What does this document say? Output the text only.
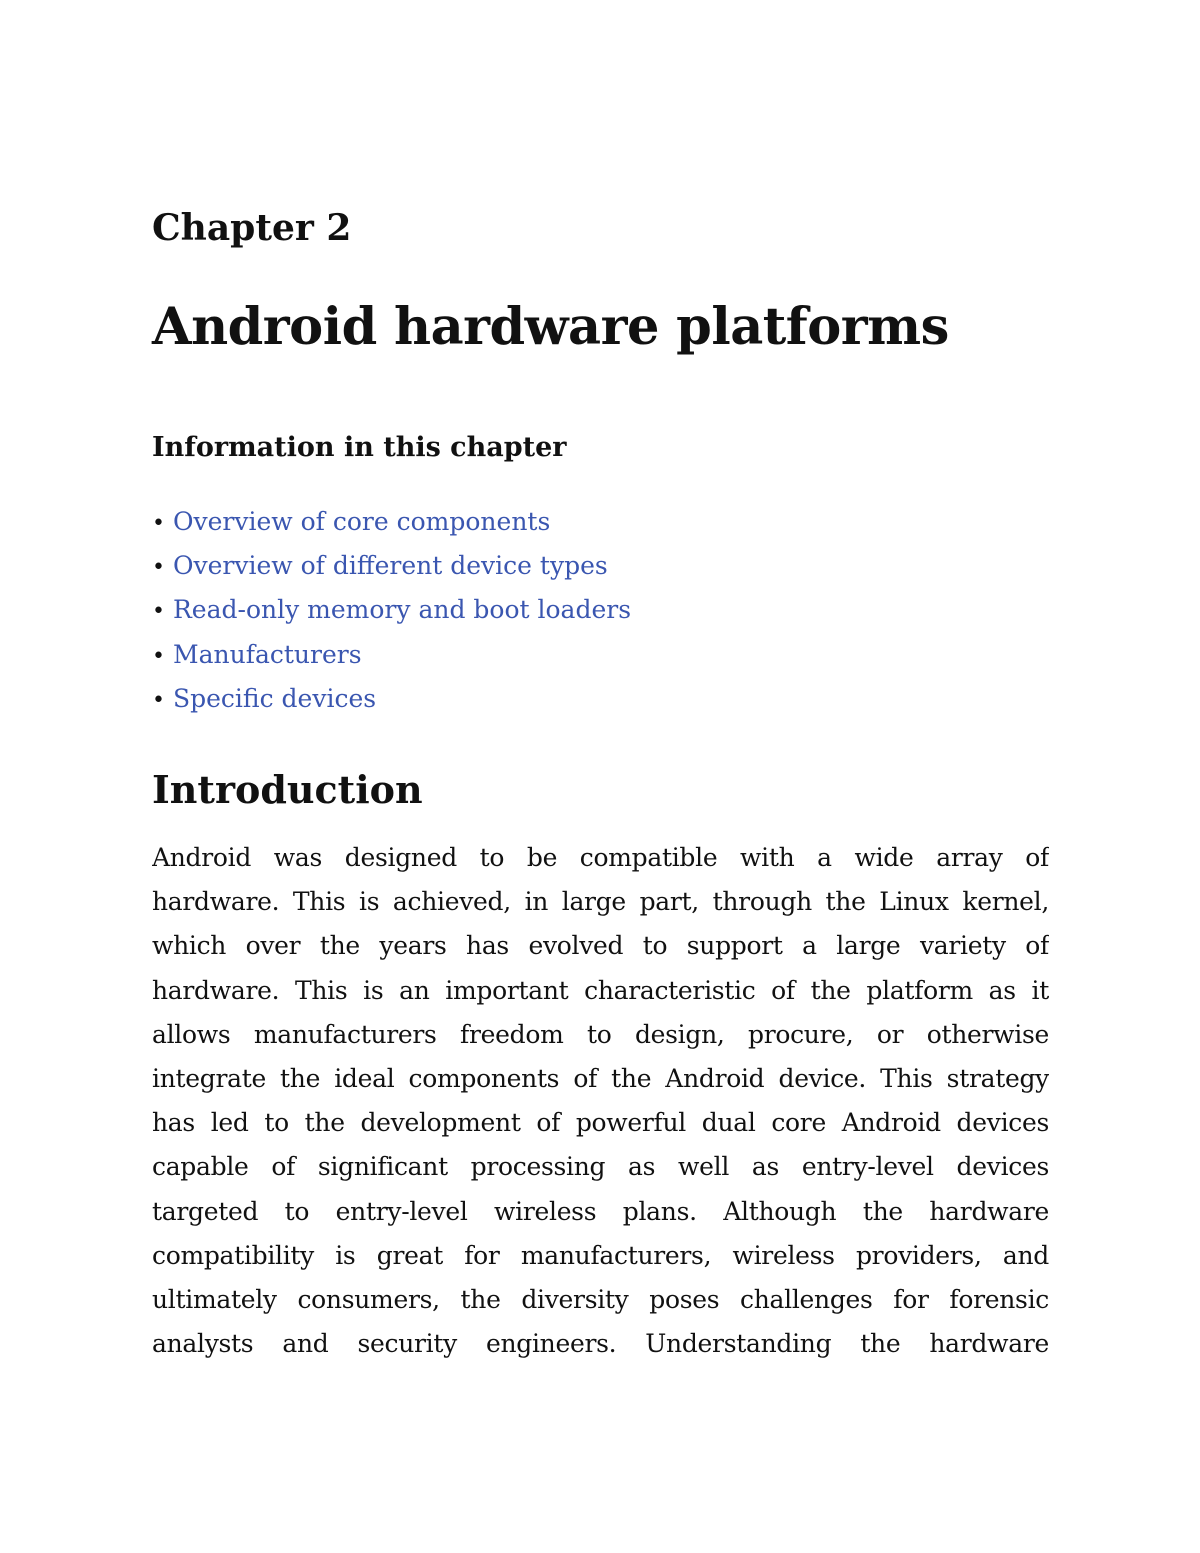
Chapter 2
Android hardware platforms
Information in this chapter
• Overview of core components
• Overview of different device types
• Read-only memory and boot loaders
• Manufacturers
• Specific devices
Introduction
Android was designed to be compatible with a wide array of
hardware. This is achieved, in large part, through the Linux kernel,
which over the years has evolved to support a large variety of
hardware. This is an important characteristic of the platform as it
allows manufacturers freedom to design, procure, or otherwise
integrate the ideal components of the Android device. This strategy
has led to the development of powerful dual core Android devices
capable of significant processing as well as entry-level devices
targeted to entry-level wireless plans. Although the hardware
compatibility is great for manufacturers, wireless providers, and
ultimately consumers, the diversity poses challenges for forensic
analysts and security engineers. Understanding the hardware
